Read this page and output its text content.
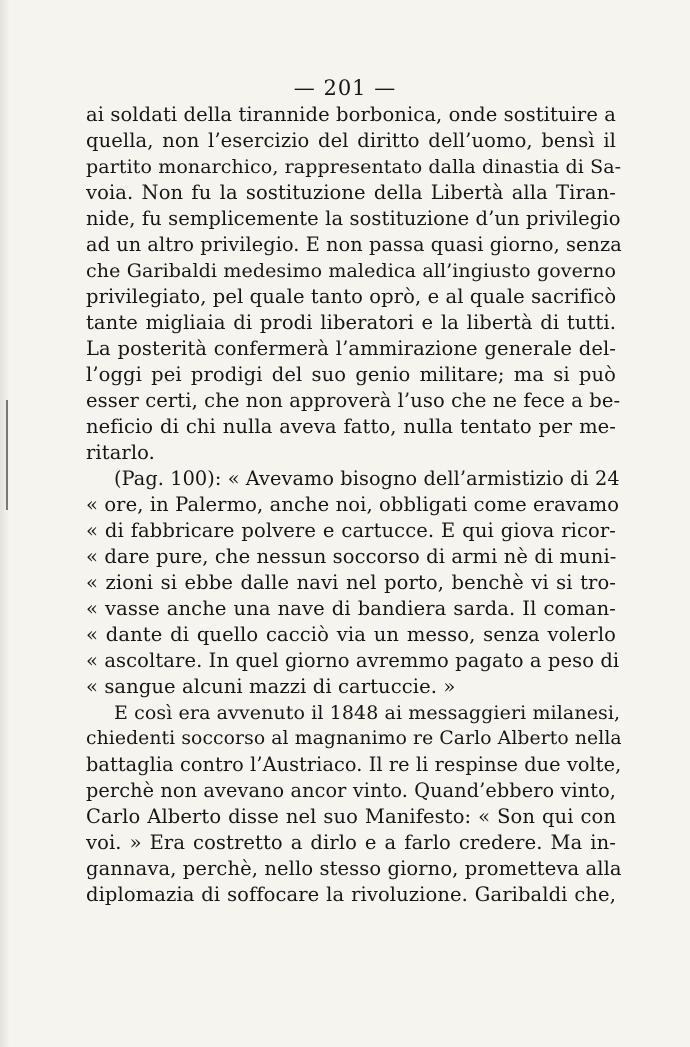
— 201 —
ai soldati della tirannide borbonica, onde sostituire a
quella, non l’esercizio del diritto dell’uomo, bensì il
partito monarchico, rappresentato dalla dinastia di Sa-
voia. Non fu la sostituzione della Libertà alla Tiran-
nide, fu semplicemente la sostituzione d’un privilegio
ad un altro privilegio. E non passa quasi giorno, senza
che Garibaldi medesimo maledica all’ingiusto governo
privilegiato, pel quale tanto oprò, e al quale sacrificò
tante migliaia di prodi liberatori e la libertà di tutti.
La posterità confermerà l’ammirazione generale del-
l’oggi pei prodigi del suo genio militare; ma si può
esser certi, che non approverà l’uso che ne fece a be-
neficio di chi nulla aveva fatto, nulla tentato per me-
ritarlo.
(Pag. 100): « Avevamo bisogno dell’armistizio di 24
« ore, in Palermo, anche noi, obbligati come eravamo
« di fabbricare polvere e cartucce. E qui giova ricor-
« dare pure, che nessun soccorso di armi nè di muni-
« zioni si ebbe dalle navi nel porto, benchè vi si tro-
« vasse anche una nave di bandiera sarda. Il coman-
« dante di quello cacciò via un messo, senza volerlo
« ascoltare. In quel giorno avremmo pagato a peso di
« sangue alcuni mazzi di cartuccie. »
E così era avvenuto il 1848 ai messaggieri milanesi,
chiedenti soccorso al magnanimo re Carlo Alberto nella
battaglia contro l’Austriaco. Il re li respinse due volte,
perchè non avevano ancor vinto. Quand’ebbero vinto,
Carlo Alberto disse nel suo Manifesto: « Son qui con
voi. » Era costretto a dirlo e a farlo credere. Ma in-
gannava, perchè, nello stesso giorno, prometteva alla
diplomazia di soffocare la rivoluzione. Garibaldi che,
